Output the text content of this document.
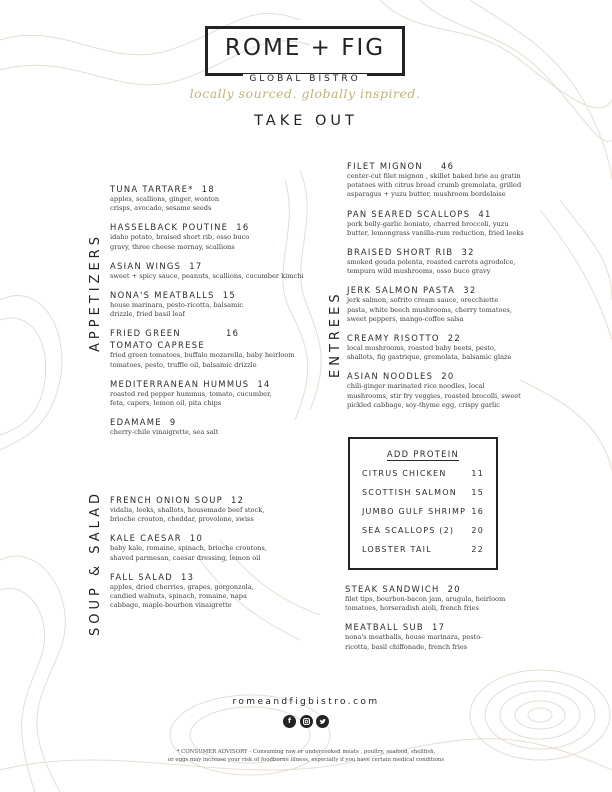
ROME + FIG
GLOBAL BISTRO
locally sourced. globally inspired.
TAKE OUT
APPETIZERS
SOUP & SALAD
ENTREES
TUNA TARTARE* 18
apples, scallions, ginger, wonton
crisps, avocado, sesame seeds
HASSELBACK POUTINE 16
idaho potato, braised short rib, osso buco
gravy, three cheese mornay, scallions
ASIAN WINGS 17
sweet + spicy sauce, peanuts, scallions, cucumber kimchi
NONA'S MEATBALLS 15
house marinara, pesto-ricotta, balsamic
drizzle, fried basil leaf
FRIED GREEN	16
TOMATO CAPRESE
fried green tomatoes, buffalo mozarella, baby heirloom
tomatoes, pesto, truffle oil, balsamic drizzle
MEDITERRANEAN HUMMUS 14
roasted red pepper hummus, tomato, cucumber,
feta, capers, lemon oil, pita chips
EDAMAME 9
cherry-chile vinaigrette, sea salt
FRENCH ONION SOUP 12
vidalia, leeks, shallots, housemade beef stock,
brioche crouton, cheddar, provolone, swiss
KALE CAESAR 10
baby kale, romaine, spinach, brioche croutons,
shaved parmesan, caesar dressing, lemon oil
FALL SALAD 13
apples, dried cherries, grapes, gorgonzola,
candied walnuts, spinach, romaine, napa
cabbage, maple-bourbon vinaigrette
FILET MIGNON 46
center-cut filet mignon , skillet baked brie au gratin
potatoes with citrus bread crumb gremolata, grilled
asparagus + yuzu butter, mushroom bordelaise
PAN SEARED SCALLOPS 41
pork belly-garlic boniato, charred broccoli, yuzu
butter, lemongrass vanilla-rum reduction, fried leeks
BRAISED SHORT RIB 32
smoked gouda polenta, roasted carrots agrodolce,
tempura wild mushrooms, osso buco gravy
JERK SALMON PASTA 32
jerk salmon, sofrito cream sauce, orecchiette
pasta, white beech mushrooms, cherry tomatoes,
sweet peppers, mango-coffee salsa
CREAMY RISOTTO 22
local mushrooms, roasted baby beets, pesto,
shallots, fig gastrique, gremolata, balsamic glaze
ASIAN NOODLES 20
chili-ginger marinated rice noodles, local
mushrooms, stir fry veggies, roasted brocolli, sweet
pickled cabbage, soy-thyme egg, crispy garlic
ADD PROTEIN
CITRUS CHICKEN	11
SCOTTISH SALMON 15
JUMBO GULF SHRIMP 16
SEA SCALLOPS (2) 20
LOBSTER TAIL	22
STEAK SANDWICH 20
filet tips, bourbon-bacon jam, arugula, heirloom
tomatoes, horseradish aioli, french fries
MEATBALL SUB 17
nona's meatballs, house marinara, pesto-
ricotta, basil chiffonade, french fries
romeandfigbistro.com
f
* CONSUMER ADVISORY - Consuming raw or undercooked meats , poultry, seafood, shellfish,
or eggs may increase your risk of foodborne illness, especially if you have certain medical conditions
